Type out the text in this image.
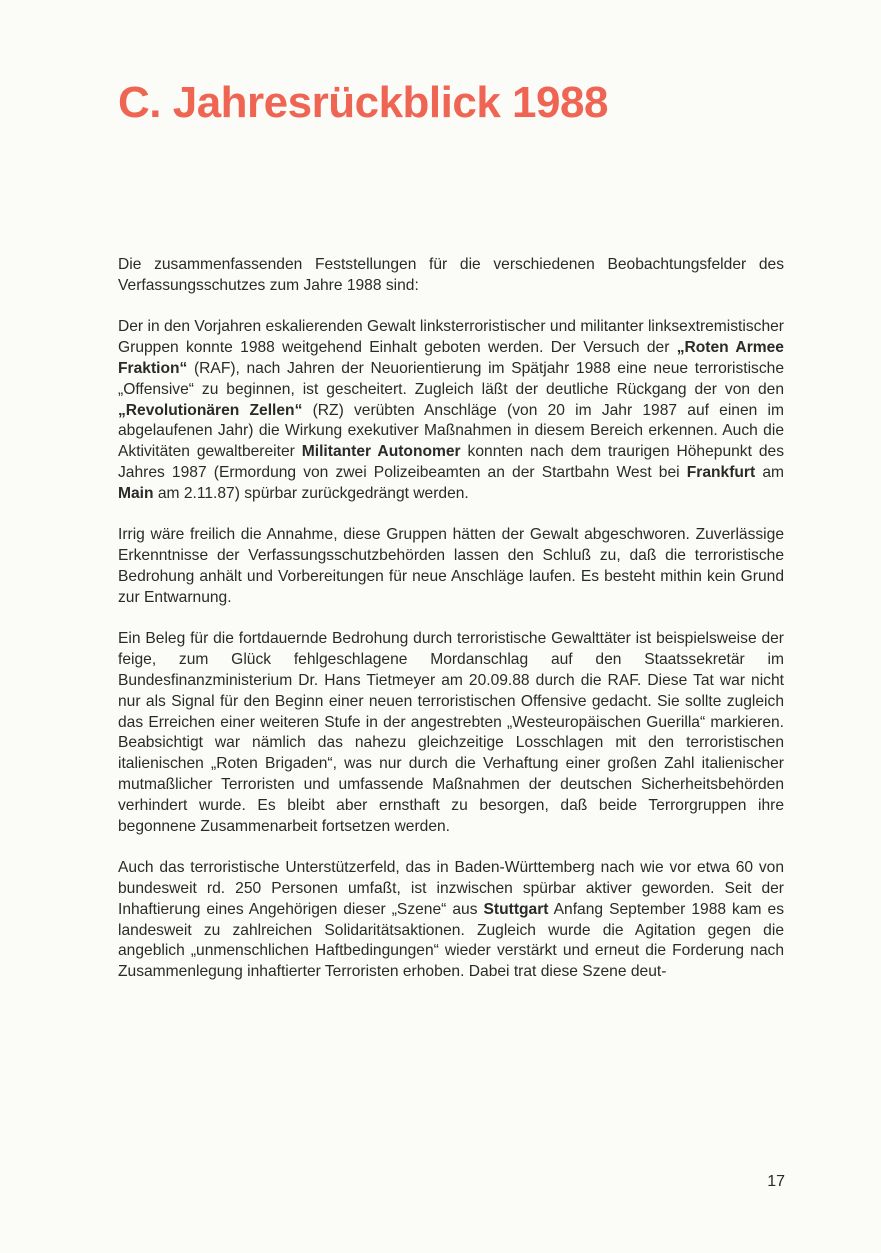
C. Jahresrückblick 1988

Die zusammenfassenden Feststellungen für die verschiedenen Beobachtungsfelder des Verfassungsschutzes zum Jahre 1988 sind:

Der in den Vorjahren eskalierenden Gewalt linksterroristischer und militanter linksextremistischer Gruppen konnte 1988 weitgehend Einhalt geboten werden. Der Versuch der „Roten Armee Fraktion“ (RAF), nach Jahren der Neuorientierung im Spätjahr 1988 eine neue terroristische „Offensive“ zu beginnen, ist gescheitert. Zugleich läßt der deutliche Rückgang der von den „Revolutionären Zellen“ (RZ) verübten Anschläge (von 20 im Jahr 1987 auf einen im abgelaufenen Jahr) die Wirkung exekutiver Maßnahmen in diesem Bereich erkennen. Auch die Aktivitäten gewaltbereiter Militanter Autonomer konnten nach dem traurigen Höhepunkt des Jahres 1987 (Ermordung von zwei Polizeibeamten an der Startbahn West bei Frankfurt am Main am 2.11.87) spürbar zurückgedrängt werden.

Irrig wäre freilich die Annahme, diese Gruppen hätten der Gewalt abgeschworen. Zuverlässige Erkenntnisse der Verfassungsschutzbehörden lassen den Schluß zu, daß die terroristische Bedrohung anhält und Vorbereitungen für neue Anschläge laufen. Es besteht mithin kein Grund zur Entwarnung.

Ein Beleg für die fortdauernde Bedrohung durch terroristische Gewalttäter ist beispielsweise der feige, zum Glück fehlgeschlagene Mordanschlag auf den Staatssekretär im Bundesfinanzministerium Dr. Hans Tietmeyer am 20.09.88 durch die RAF. Diese Tat war nicht nur als Signal für den Beginn einer neuen terroristischen Offensive gedacht. Sie sollte zugleich das Erreichen einer weiteren Stufe in der angestrebten „Westeuropäischen Guerilla“ markieren. Beabsichtigt war nämlich das nahezu gleichzeitige Losschlagen mit den terroristischen italienischen „Roten Brigaden“, was nur durch die Verhaftung einer großen Zahl italienischer mutmaßlicher Terroristen und umfassende Maßnahmen der deutschen Sicherheitsbehörden verhindert wurde. Es bleibt aber ernsthaft zu besorgen, daß beide Terrorgruppen ihre begonnene Zusammenarbeit fortsetzen werden.

Auch das terroristische Unterstützerfeld, das in Baden-Württemberg nach wie vor etwa 60 von bundesweit rd. 250 Personen umfaßt, ist inzwischen spürbar aktiver geworden. Seit der Inhaftierung eines Angehörigen dieser „Szene“ aus Stuttgart Anfang September 1988 kam es landesweit zu zahlreichen Solidaritätsaktionen. Zugleich wurde die Agitation gegen die angeblich „unmenschlichen Haftbedingungen“ wieder verstärkt und erneut die Forderung nach Zusammenlegung inhaftierter Terroristen erhoben. Dabei trat diese Szene deut-

17
